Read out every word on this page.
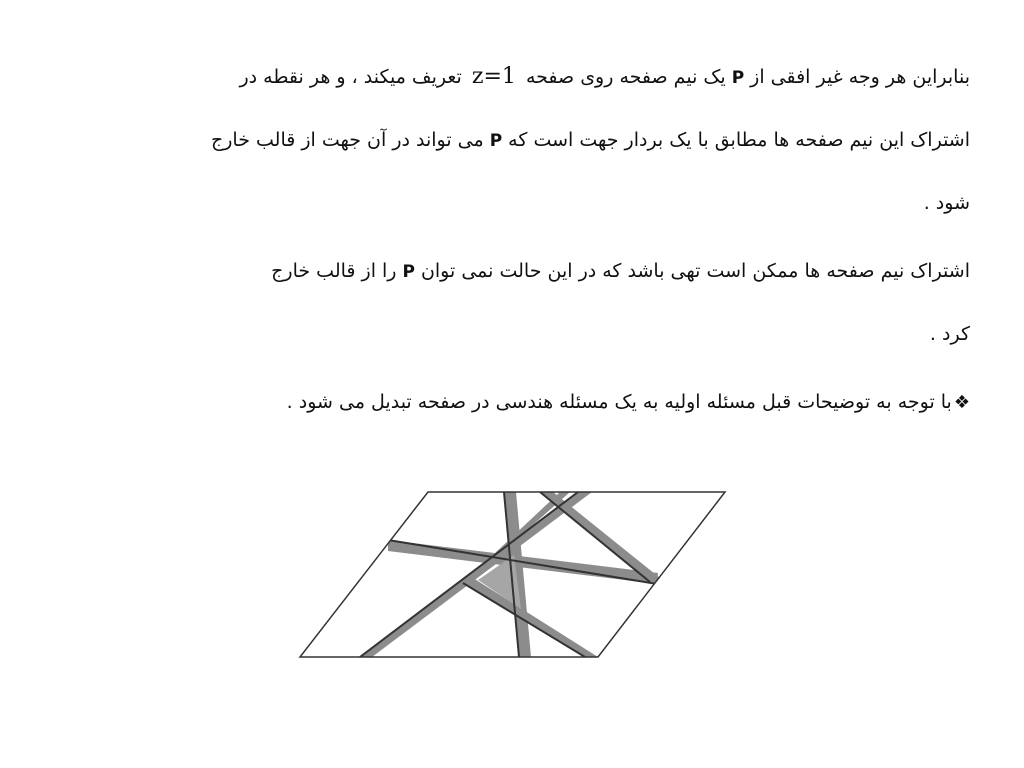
بنابراین هر وجه غیر افقی ازPیک نیم صفحه روی صفحه z=1 تعریف میکند ، و هر نقطه در
اشتراک این نیم صفحه ها مطابق با یک بردار جهت است کهPمی تواند در آن جهت از قالب خارج
شود .
اشتراک نیم صفحه ها ممکن است تهی باشد که در این حالت نمی توانPرا از قالب خارج
کرد .
❖با توجه به توضیحات قبل مسئله اولیه به یک مسئله هندسی در صفحه تبدیل می شود .
